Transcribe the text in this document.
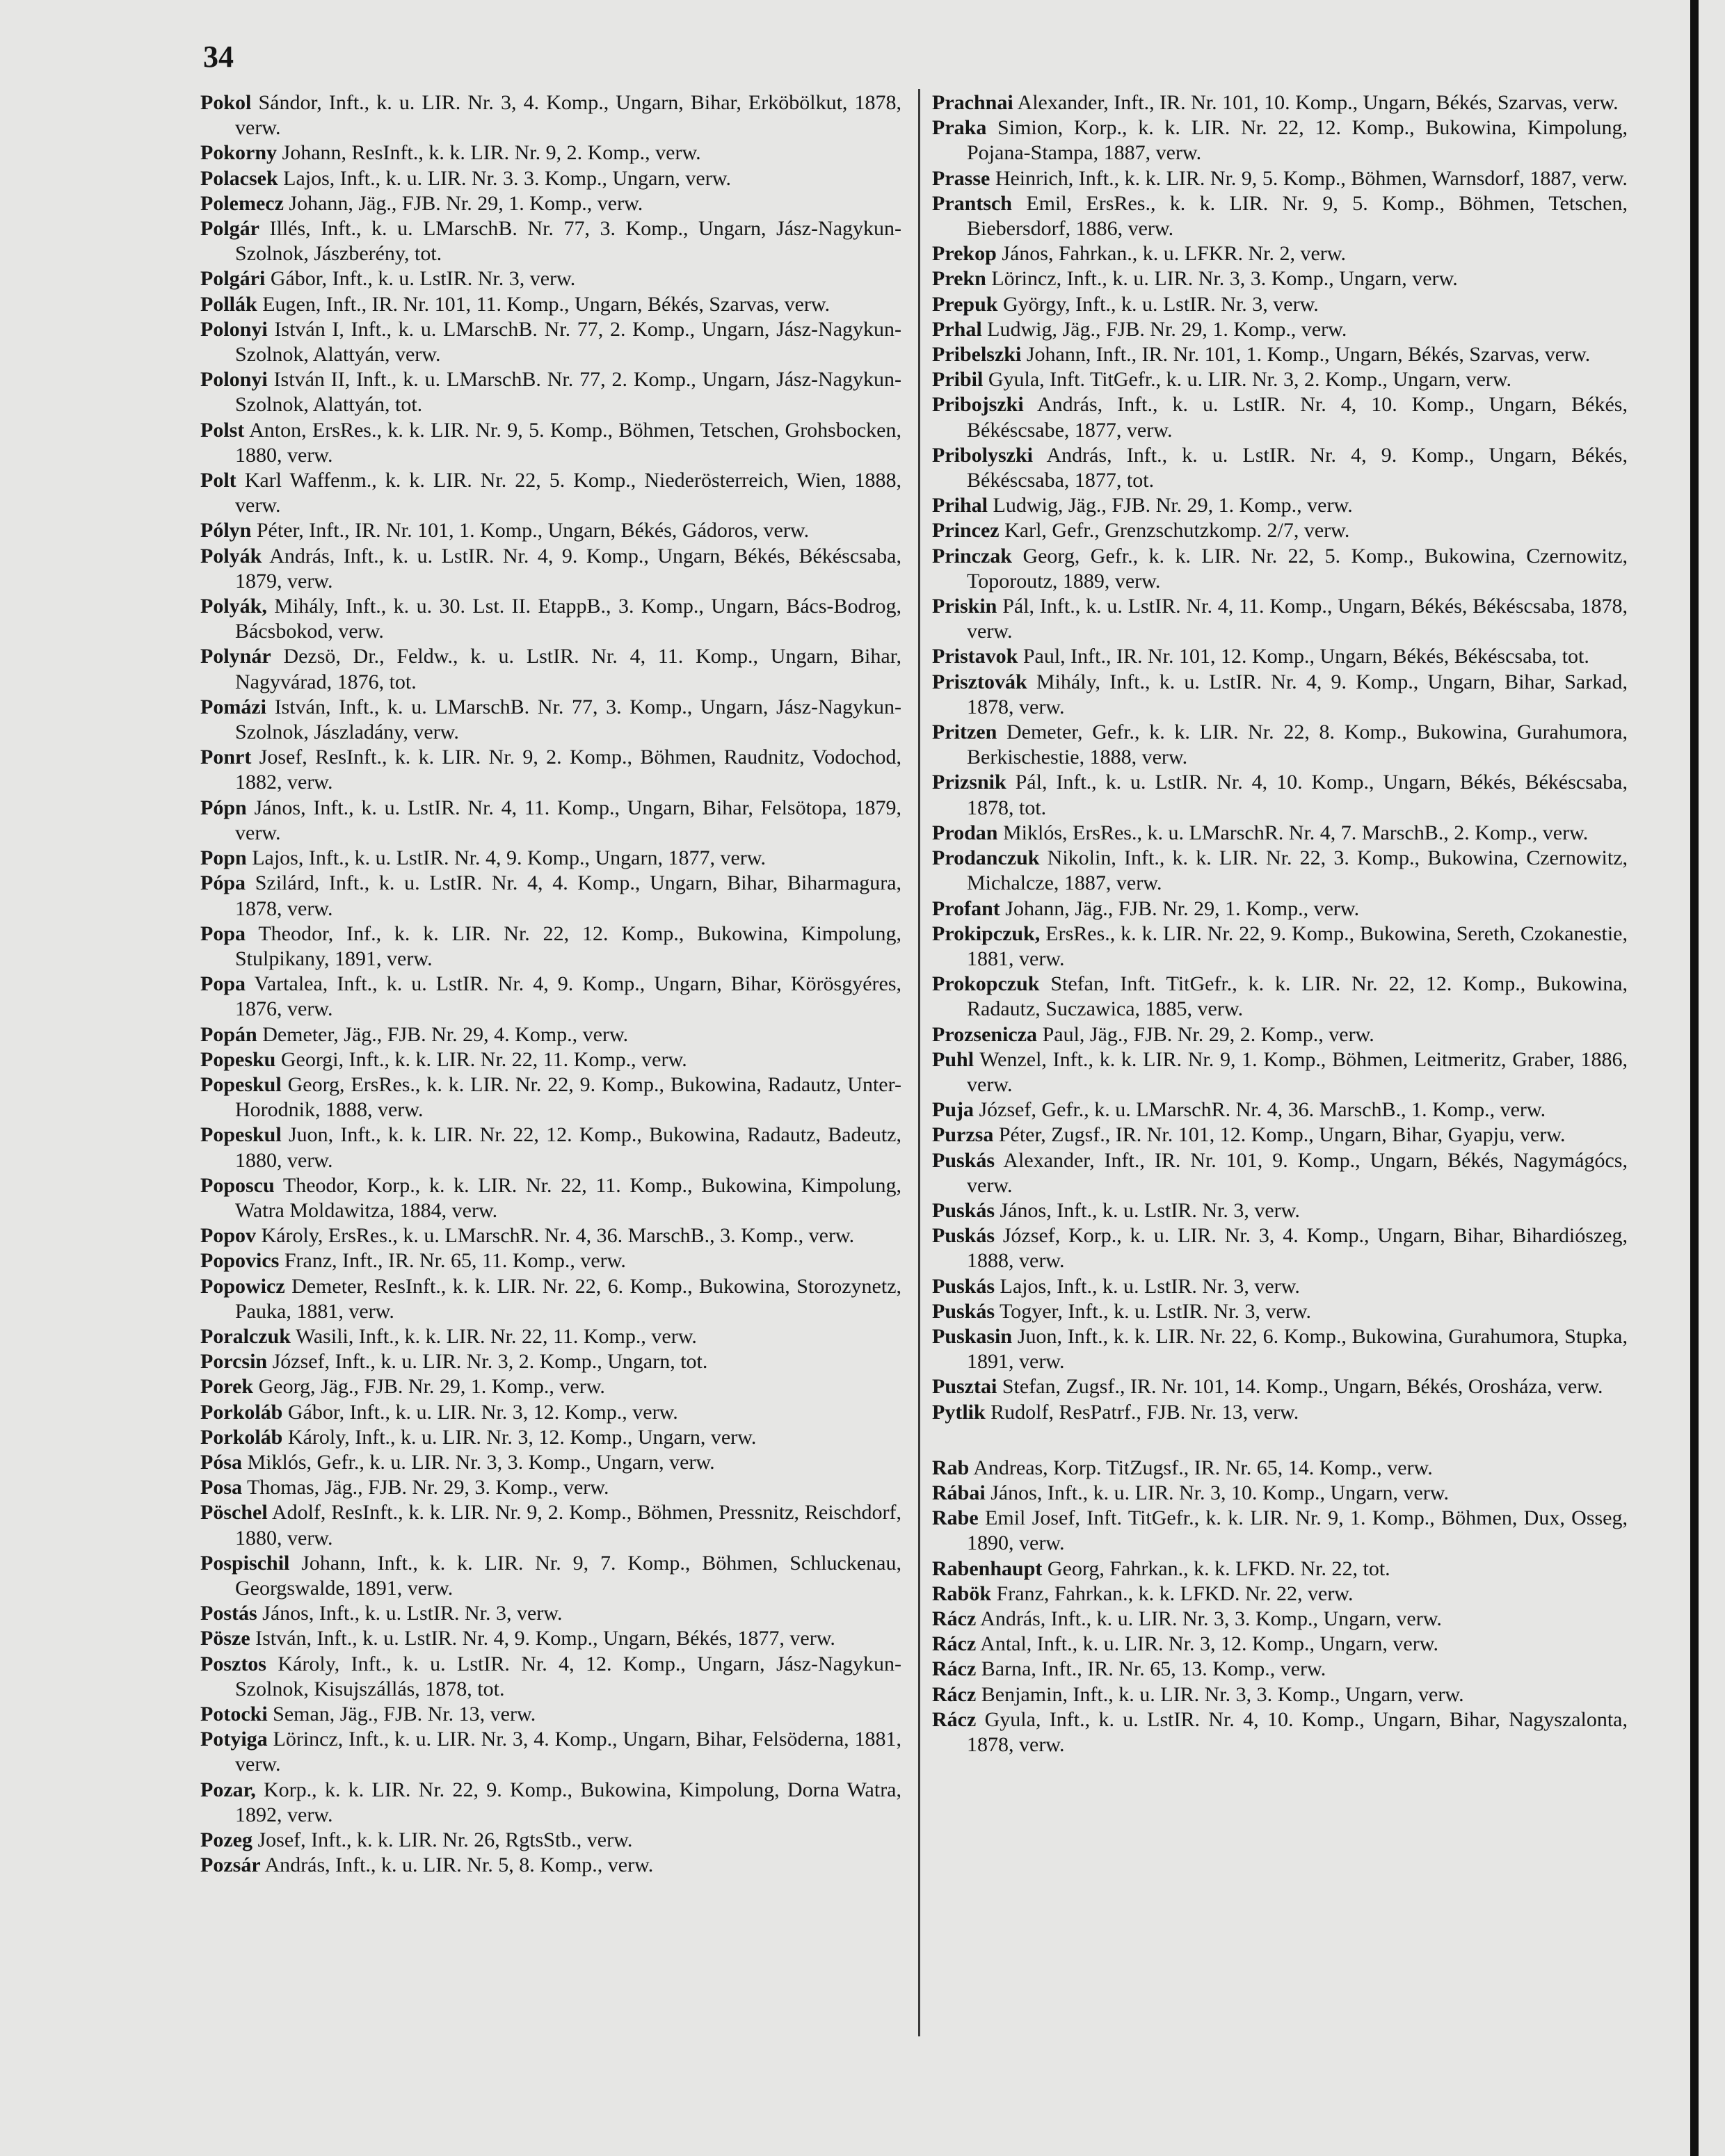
34

Pokol Sándor, Inft., k. u. LIR. Nr. 3, 4. Komp., Ungarn, Bihar, Erköbölkut, 1878, verw.

Pokorny Johann, ResInft., k. k. LIR. Nr. 9, 2. Komp., verw.

Polacsek Lajos, Inft., k. u. LIR. Nr. 3. 3. Komp., Ungarn, verw.

Polemecz Johann, Jäg., FJB. Nr. 29, 1. Komp., verw.

Polgár Illés, Inft., k. u. LMarschB. Nr. 77, 3. Komp., Ungarn, Jász-Nagykun-Szolnok, Jászberény, tot.

Polgári Gábor, Inft., k. u. LstIR. Nr. 3, verw.

Pollák Eugen, Inft., IR. Nr. 101, 11. Komp., Ungarn, Békés, Szarvas, verw.

Polonyi István I, Inft., k. u. LMarschB. Nr. 77, 2. Komp., Ungarn, Jász-Nagykun-Szolnok, Alattyán, verw.

Polonyi István II, Inft., k. u. LMarschB. Nr. 77, 2. Komp., Ungarn, Jász-Nagykun-Szolnok, Alattyán, tot.

Polst Anton, ErsRes., k. k. LIR. Nr. 9, 5. Komp., Böhmen, Tetschen, Grohsbocken, 1880, verw.

Polt Karl Waffenm., k. k. LIR. Nr. 22, 5. Komp., Niederösterreich, Wien, 1888, verw.

Pólyn Péter, Inft., IR. Nr. 101, 1. Komp., Ungarn, Békés, Gádoros, verw.

Polyák András, Inft., k. u. LstIR. Nr. 4, 9. Komp., Ungarn, Békés, Békéscsaba, 1879, verw.

Polyák, Mihály, Inft., k. u. 30. Lst. II. EtappB., 3. Komp., Ungarn, Bács-Bodrog, Bácsbokod, verw.

Polynár Dezsö, Dr., Feldw., k. u. LstIR. Nr. 4, 11. Komp., Ungarn, Bihar, Nagyvárad, 1876, tot.

Pomázi István, Inft., k. u. LMarschB. Nr. 77, 3. Komp., Ungarn, Jász-Nagykun-Szolnok, Jászladány, verw.

Ponrt Josef, ResInft., k. k. LIR. Nr. 9, 2. Komp., Böhmen, Raudnitz, Vodochod, 1882, verw.

Pópn János, Inft., k. u. LstIR. Nr. 4, 11. Komp., Ungarn, Bihar, Felsötopa, 1879, verw.

Popn Lajos, Inft., k. u. LstIR. Nr. 4, 9. Komp., Ungarn, 1877, verw.

Pópa Szilárd, Inft., k. u. LstIR. Nr. 4, 4. Komp., Ungarn, Bihar, Biharmagura, 1878, verw.

Popa Theodor, Inf., k. k. LIR. Nr. 22, 12. Komp., Bukowina, Kimpolung, Stulpikany, 1891, verw.

Popa Vartalea, Inft., k. u. LstIR. Nr. 4, 9. Komp., Ungarn, Bihar, Körösgyéres, 1876, verw.

Popán Demeter, Jäg., FJB. Nr. 29, 4. Komp., verw.

Popesku Georgi, Inft., k. k. LIR. Nr. 22, 11. Komp., verw.

Popeskul Georg, ErsRes., k. k. LIR. Nr. 22, 9. Komp., Bukowina, Radautz, Unter-Horodnik, 1888, verw.

Popeskul Juon, Inft., k. k. LIR. Nr. 22, 12. Komp., Bukowina, Radautz, Badeutz, 1880, verw.

Poposcu Theodor, Korp., k. k. LIR. Nr. 22, 11. Komp., Bukowina, Kimpolung, Watra Moldawitza, 1884, verw.

Popov Károly, ErsRes., k. u. LMarschR. Nr. 4, 36. MarschB., 3. Komp., verw.

Popovics Franz, Inft., IR. Nr. 65, 11. Komp., verw.

Popowicz Demeter, ResInft., k. k. LIR. Nr. 22, 6. Komp., Bukowina, Storozynetz, Pauka, 1881, verw.

Poralczuk Wasili, Inft., k. k. LIR. Nr. 22, 11. Komp., verw.

Porcsin József, Inft., k. u. LIR. Nr. 3, 2. Komp., Ungarn, tot.

Porek Georg, Jäg., FJB. Nr. 29, 1. Komp., verw.

Porkoláb Gábor, Inft., k. u. LIR. Nr. 3, 12. Komp., verw.

Porkoláb Károly, Inft., k. u. LIR. Nr. 3, 12. Komp., Ungarn, verw.

Pósa Miklós, Gefr., k. u. LIR. Nr. 3, 3. Komp., Ungarn, verw.

Posa Thomas, Jäg., FJB. Nr. 29, 3. Komp., verw.

Pöschel Adolf, ResInft., k. k. LIR. Nr. 9, 2. Komp., Böhmen, Pressnitz, Reischdorf, 1880, verw.

Pospischil Johann, Inft., k. k. LIR. Nr. 9, 7. Komp., Böhmen, Schluckenau, Georgswalde, 1891, verw.

Postás János, Inft., k. u. LstIR. Nr. 3, verw.

Pösze István, Inft., k. u. LstIR. Nr. 4, 9. Komp., Ungarn, Békés, 1877, verw.

Posztos Károly, Inft., k. u. LstIR. Nr. 4, 12. Komp., Ungarn, Jász-Nagykun-Szolnok, Kisujszállás, 1878, tot.

Potocki Seman, Jäg., FJB. Nr. 13, verw.

Potyiga Lörincz, Inft., k. u. LIR. Nr. 3, 4. Komp., Ungarn, Bihar, Felsöderna, 1881, verw.

Pozar, Korp., k. k. LIR. Nr. 22, 9. Komp., Bukowina, Kimpolung, Dorna Watra, 1892, verw.

Pozeg Josef, Inft., k. k. LIR. Nr. 26, RgtsStb., verw.

Pozsár András, Inft., k. u. LIR. Nr. 5, 8. Komp., verw.

Prachnai Alexander, Inft., IR. Nr. 101, 10. Komp., Ungarn, Békés, Szarvas, verw.

Praka Simion, Korp., k. k. LIR. Nr. 22, 12. Komp., Bukowina, Kimpolung, Pojana-Stampa, 1887, verw.

Prasse Heinrich, Inft., k. k. LIR. Nr. 9, 5. Komp., Böhmen, Warnsdorf, 1887, verw.

Prantsch Emil, ErsRes., k. k. LIR. Nr. 9, 5. Komp., Böhmen, Tetschen, Biebersdorf, 1886, verw.

Prekop János, Fahrkan., k. u. LFKR. Nr. 2, verw.

Prekn Lörincz, Inft., k. u. LIR. Nr. 3, 3. Komp., Ungarn, verw.

Prepuk György, Inft., k. u. LstIR. Nr. 3, verw.

Prhal Ludwig, Jäg., FJB. Nr. 29, 1. Komp., verw.

Pribelszki Johann, Inft., IR. Nr. 101, 1. Komp., Ungarn, Békés, Szarvas, verw.

Pribil Gyula, Inft. TitGefr., k. u. LIR. Nr. 3, 2. Komp., Ungarn, verw.

Pribojszki András, Inft., k. u. LstIR. Nr. 4, 10. Komp., Ungarn, Békés, Békéscsabe, 1877, verw.

Pribolyszki András, Inft., k. u. LstIR. Nr. 4, 9. Komp., Ungarn, Békés, Békéscsaba, 1877, tot.

Prihal Ludwig, Jäg., FJB. Nr. 29, 1. Komp., verw.

Princez Karl, Gefr., Grenzschutzkomp. 2/7, verw.

Princzak Georg, Gefr., k. k. LIR. Nr. 22, 5. Komp., Bukowina, Czernowitz, Toporoutz, 1889, verw.

Priskin Pál, Inft., k. u. LstIR. Nr. 4, 11. Komp., Ungarn, Békés, Békéscsaba, 1878, verw.

Pristavok Paul, Inft., IR. Nr. 101, 12. Komp., Ungarn, Békés, Békéscsaba, tot.

Prisztovák Mihály, Inft., k. u. LstIR. Nr. 4, 9. Komp., Ungarn, Bihar, Sarkad, 1878, verw.

Pritzen Demeter, Gefr., k. k. LIR. Nr. 22, 8. Komp., Bukowina, Gurahumora, Berkischestie, 1888, verw.

Prizsnik Pál, Inft., k. u. LstIR. Nr. 4, 10. Komp., Ungarn, Békés, Békéscsaba, 1878, tot.

Prodan Miklós, ErsRes., k. u. LMarschR. Nr. 4, 7. MarschB., 2. Komp., verw.

Prodanczuk Nikolin, Inft., k. k. LIR. Nr. 22, 3. Komp., Bukowina, Czernowitz, Michalcze, 1887, verw.

Profant Johann, Jäg., FJB. Nr. 29, 1. Komp., verw.

Prokipczuk, ErsRes., k. k. LIR. Nr. 22, 9. Komp., Bukowina, Sereth, Czokanestie, 1881, verw.

Prokopczuk Stefan, Inft. TitGefr., k. k. LIR. Nr. 22, 12. Komp., Bukowina, Radautz, Suczawica, 1885, verw.

Prozsenicza Paul, Jäg., FJB. Nr. 29, 2. Komp., verw.

Puhl Wenzel, Inft., k. k. LIR. Nr. 9, 1. Komp., Böhmen, Leitmeritz, Graber, 1886, verw.

Puja József, Gefr., k. u. LMarschR. Nr. 4, 36. MarschB., 1. Komp., verw.

Purzsa Péter, Zugsf., IR. Nr. 101, 12. Komp., Ungarn, Bihar, Gyapju, verw.

Puskás Alexander, Inft., IR. Nr. 101, 9. Komp., Ungarn, Békés, Nagymágócs, verw.

Puskás János, Inft., k. u. LstIR. Nr. 3, verw.

Puskás József, Korp., k. u. LIR. Nr. 3, 4. Komp., Ungarn, Bihar, Bihardiószeg, 1888, verw.

Puskás Lajos, Inft., k. u. LstIR. Nr. 3, verw.

Puskás Togyer, Inft., k. u. LstIR. Nr. 3, verw.

Puskasin Juon, Inft., k. k. LIR. Nr. 22, 6. Komp., Bukowina, Gurahumora, Stupka, 1891, verw.

Pusztai Stefan, Zugsf., IR. Nr. 101, 14. Komp., Ungarn, Békés, Orosháza, verw.

Pytlik Rudolf, ResPatrf., FJB. Nr. 13, verw.

Rab Andreas, Korp. TitZugsf., IR. Nr. 65, 14. Komp., verw.

Rábai János, Inft., k. u. LIR. Nr. 3, 10. Komp., Ungarn, verw.

Rabe Emil Josef, Inft. TitGefr., k. k. LIR. Nr. 9, 1. Komp., Böhmen, Dux, Osseg, 1890, verw.

Rabenhaupt Georg, Fahrkan., k. k. LFKD. Nr. 22, tot.

Rabök Franz, Fahrkan., k. k. LFKD. Nr. 22, verw.

Rácz András, Inft., k. u. LIR. Nr. 3, 3. Komp., Ungarn, verw.

Rácz Antal, Inft., k. u. LIR. Nr. 3, 12. Komp., Ungarn, verw.

Rácz Barna, Inft., IR. Nr. 65, 13. Komp., verw.

Rácz Benjamin, Inft., k. u. LIR. Nr. 3, 3. Komp., Ungarn, verw.

Rácz Gyula, Inft., k. u. LstIR. Nr. 4, 10. Komp., Ungarn, Bihar, Nagyszalonta, 1878, verw.
